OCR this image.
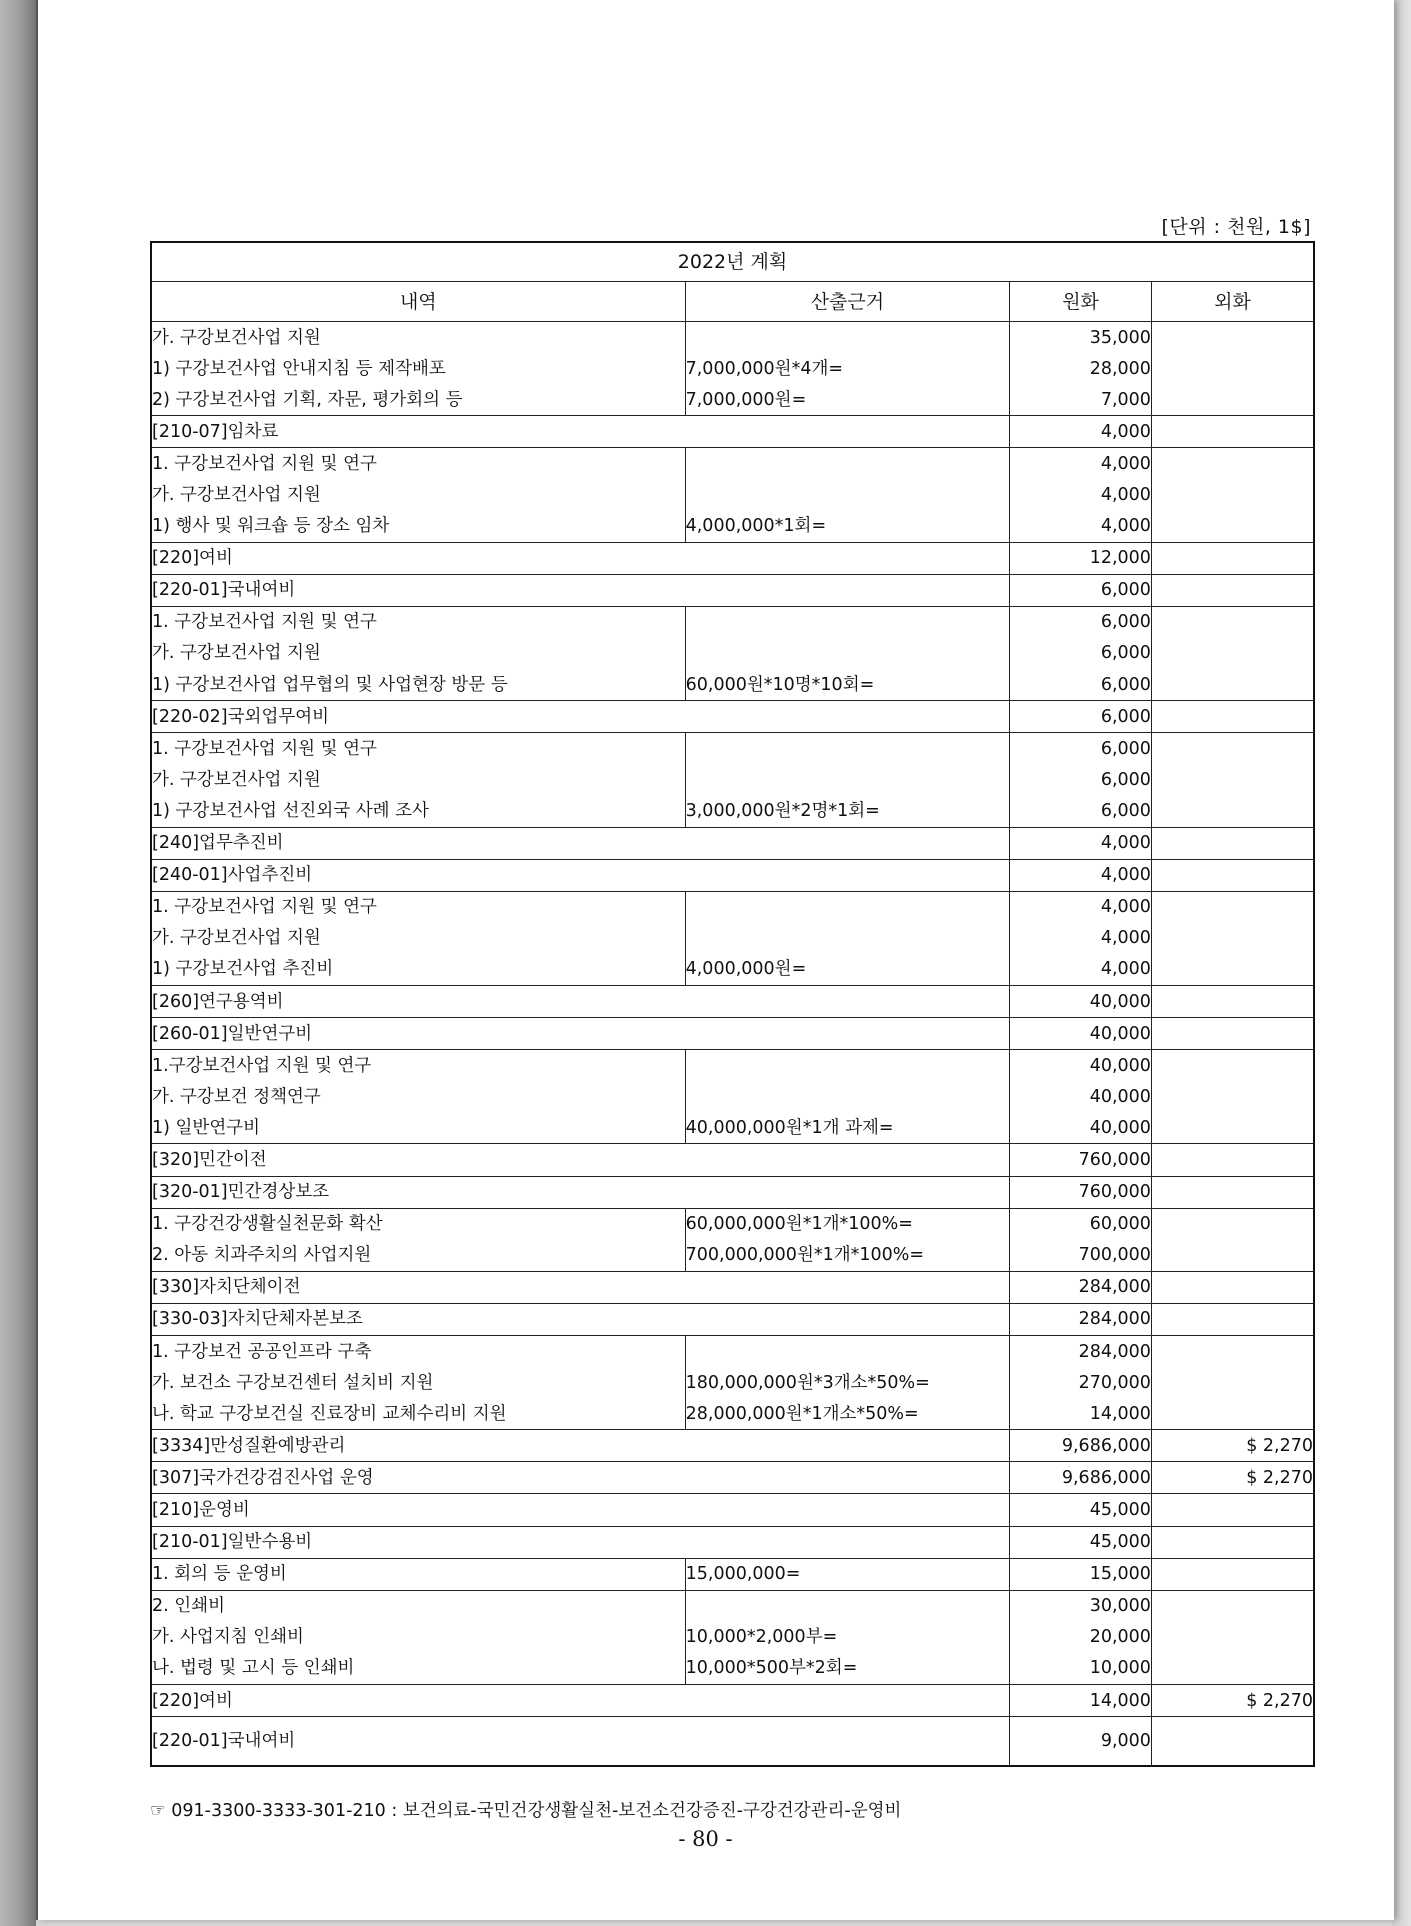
[단위 : 천원, 1$]
2022년 계획			
내역	산출근거	원화	외화
가. 구강보건사업 지원		35,000	
1) 구강보건사업 안내지침 등 제작배포	7,000,000원*4개=	28,000	
2) 구강보건사업 기획, 자문, 평가회의 등	7,000,000원=	7,000	
[210-07]임차료		4,000	
1. 구강보건사업 지원 및 연구		4,000	
가. 구강보건사업 지원		4,000	
1) 행사 및 워크숍 등 장소 임차	4,000,000*1회=	4,000	
[220]여비		12,000	
[220-01]국내여비		6,000	
1. 구강보건사업 지원 및 연구		6,000	
가. 구강보건사업 지원		6,000	
1) 구강보건사업 업무협의 및 사업현장 방문 등	60,000원*10명*10회=	6,000	
[220-02]국외업무여비		6,000	
1. 구강보건사업 지원 및 연구		6,000	
가. 구강보건사업 지원		6,000	
1) 구강보건사업 선진외국 사례 조사	3,000,000원*2명*1회=	6,000	
[240]업무추진비		4,000	
[240-01]사업추진비		4,000	
1. 구강보건사업 지원 및 연구		4,000	
가. 구강보건사업 지원		4,000	
1) 구강보건사업 추진비	4,000,000원=	4,000	
[260]연구용역비		40,000	
[260-01]일반연구비		40,000	
1.구강보건사업 지원 및 연구		40,000	
가. 구강보건 정책연구		40,000	
1) 일반연구비	40,000,000원*1개 과제=	40,000	
[320]민간이전		760,000	
[320-01]민간경상보조		760,000	
1. 구강건강생활실천문화 확산	60,000,000원*1개*100%=	60,000	
2. 아동 치과주치의 사업지원	700,000,000원*1개*100%=	700,000	
[330]자치단체이전		284,000	
[330-03]자치단체자본보조		284,000	
1. 구강보건 공공인프라 구축		284,000	
가. 보건소 구강보건센터 설치비 지원	180,000,000원*3개소*50%=	270,000	
나. 학교 구강보건실 진료장비 교체수리비 지원	28,000,000원*1개소*50%=	14,000	
[3334]만성질환예방관리		9,686,000	$ 2,270
[307]국가건강검진사업 운영		9,686,000	$ 2,270
[210]운영비		45,000	
[210-01]일반수용비		45,000	
1. 회의 등 운영비	15,000,000=	15,000	
2. 인쇄비		30,000	
가. 사업지침 인쇄비	10,000*2,000부=	20,000	
나. 법령 및 고시 등 인쇄비	10,000*500부*2회=	10,000	
[220]여비		14,000	$ 2,270
[220-01]국내여비		9,000	
☞ 091-3300-3333-301-210 : 보건의료-국민건강생활실천-보건소건강증진-구강건강관리-운영비
- 80 -
